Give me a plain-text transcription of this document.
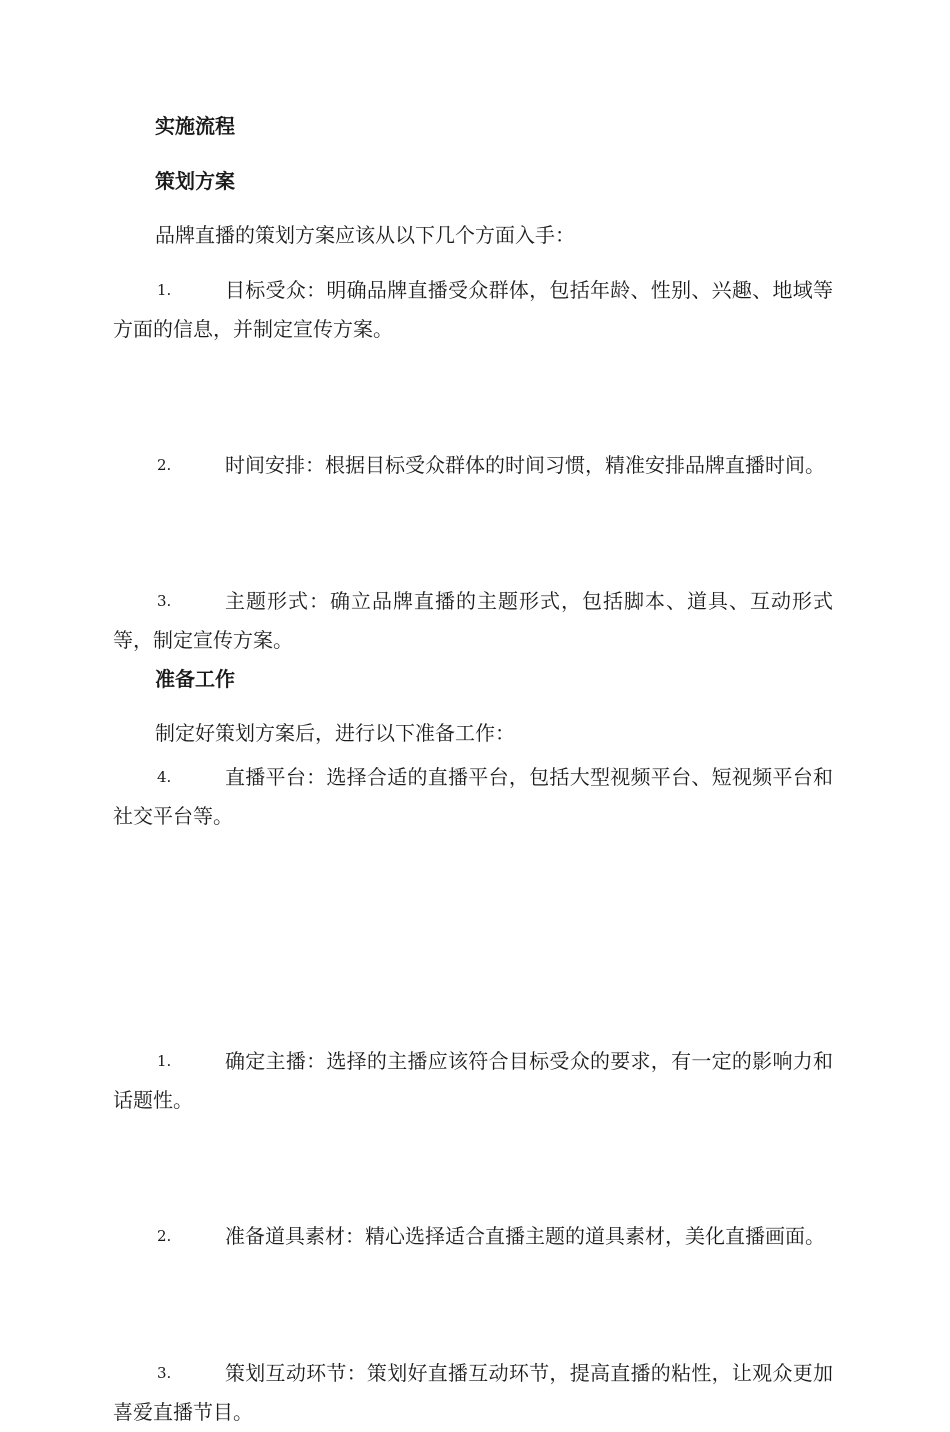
实施流程
策划方案
品牌直播的策划方案应该从以下几个方面入手：
1.	目标受众：明确品牌直播受众群体，包括年龄、性别、兴趣、地域等方面的信息，并制定宣传方案。
2.	时间安排：根据目标受众群体的时间习惯，精准安排品牌直播时间。
3.	主题形式：确立品牌直播的主题形式，包括脚本、道具、互动形式等，制定宣传方案。
4.	直播平台：选择合适的直播平台，包括大型视频平台、短视频平台和社交平台等。
准备工作
制定好策划方案后，进行以下准备工作：
1.	确定主播：选择的主播应该符合目标受众的要求，有一定的影响力和话题性。
2.	准备道具素材：精心选择适合直播主题的道具素材，美化直播画面。
3.	策划互动环节：策划好直播互动环节，提高直播的粘性，让观众更加喜爱直播节目。
